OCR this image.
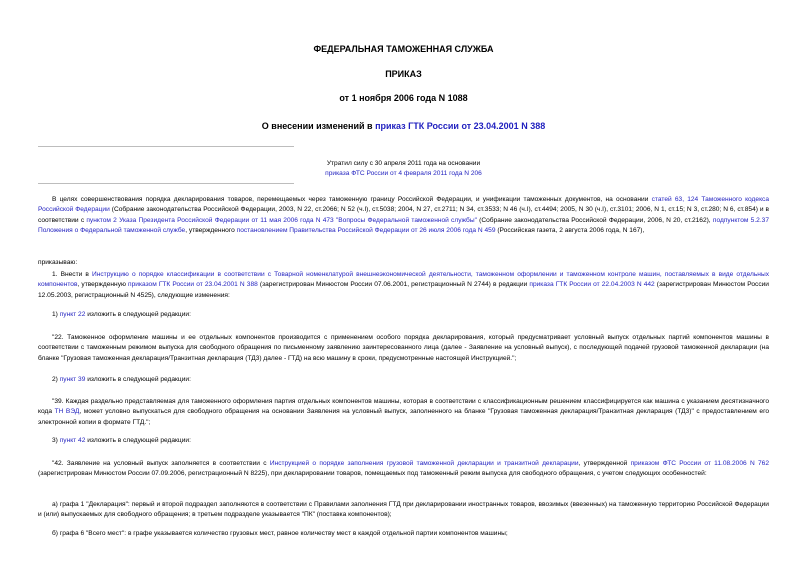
ФЕДЕРАЛЬНАЯ ТАМОЖЕННАЯ СЛУЖБА
ПРИКАЗ
от 1 ноября 2006 года N 1088
О внесении изменений в приказ ГТК России от 23.04.2001 N 388
Утратил силу с 30 апреля 2011 года на основании
приказа ФТС России от 4 февраля 2011 года N 206

В целях совершенствования порядка декларирования товаров, перемещаемых через таможенную границу Российской Федерации, и унификации таможенных документов, на основании статей 63, 124 Таможенного кодекса Российской Федерации (Собрание законодательства Российской Федерации, 2003, N 22, ст.2066; N 52 (ч.I), ст.5038; 2004, N 27, ст.2711; N 34, ст.3533; N 46 (ч.I), ст.4494; 2005, N 30 (ч.I), ст.3101; 2006, N 1, ст.15; N 3, ст.280; N 6, ст.854) и в соответствии с пунктом 2 Указа Президента Российской Федерации от 11 мая 2006 года N 473 "Вопросы Федеральной таможенной службы" (Собрание законодательства Российской Федерации, 2006, N 20, ст.2162), подпунктом 5.2.37 Положения о Федеральной таможенной службе, утвержденного постановлением Правительства Российской Федерации от 26 июля 2006 года N 459 (Российская газета, 2 августа 2006 года, N 167),

приказываю:

1. Внести в Инструкцию о порядке классификации в соответствии с Товарной номенклатурой внешнеэкономической деятельности, таможенном оформлении и таможенном контроле машин, поставляемых в виде отдельных компонентов, утвержденную приказом ГТК России от 23.04.2001 N 388 (зарегистрирован Минюстом России 07.06.2001, регистрационный N 2744) в редакции приказа ГТК России от 22.04.2003 N 442 (зарегистрирован Минюстом России 12.05.2003, регистрационный N 4525), следующие изменения:

1) пункт 22 изложить в следующей редакции:

"22. Таможенное оформление машины и ее отдельных компонентов производится с применением особого порядка декларирования, который предусматривает условный выпуск отдельных партий компонентов машины в соответствии с таможенным режимом выпуска для свободного обращения по письменному заявлению заинтересованного лица (далее - Заявление на условный выпуск), с последующей подачей грузовой таможенной декларации (на бланке "Грузовая таможенная декларация/Транзитная декларация (ТД3) далее - ГТД) на всю машину в сроки, предусмотренные настоящей Инструкцией.";

2) пункт 39 изложить в следующей редакции:

"39. Каждая раздельно представляемая для таможенного оформления партия отдельных компонентов машины, которая в соответствии с классификационным решением классифицируется как машина с указанием десятизначного кода ТН ВЭД, может условно выпускаться для свободного обращения на основании Заявления на условный выпуск, заполненного на бланке "Грузовая таможенная декларация/Транзитная декларация (ТД3)" с предоставлением его электронной копии в формате ГТД.";

3) пункт 42 изложить в следующей редакции:

"42. Заявление на условный выпуск заполняется в соответствии с Инструкцией о порядке заполнения грузовой таможенной декларации и транзитной декларации, утвержденной приказом ФТС России от 11.08.2006 N 762 (зарегистрирован Минюстом России 07.09.2006, регистрационный N 8225), при декларировании товаров, помещаемых под таможенный режим выпуска для свободного обращения, с учетом следующих особенностей:

а) графа 1 "Декларация": первый и второй подраздел заполняются в соответствии с Правилами заполнения ГТД при декларировании иностранных товаров, ввозимых (ввезенных) на таможенную территорию Российской Федерации и (или) выпускаемых для свободного обращения; в третьем подразделе указывается "ПК" (поставка компонентов);

б) графа 6 "Всего мест": в графе указывается количество грузовых мест, равное количеству мест в каждой отдельной партии компонентов машины;
